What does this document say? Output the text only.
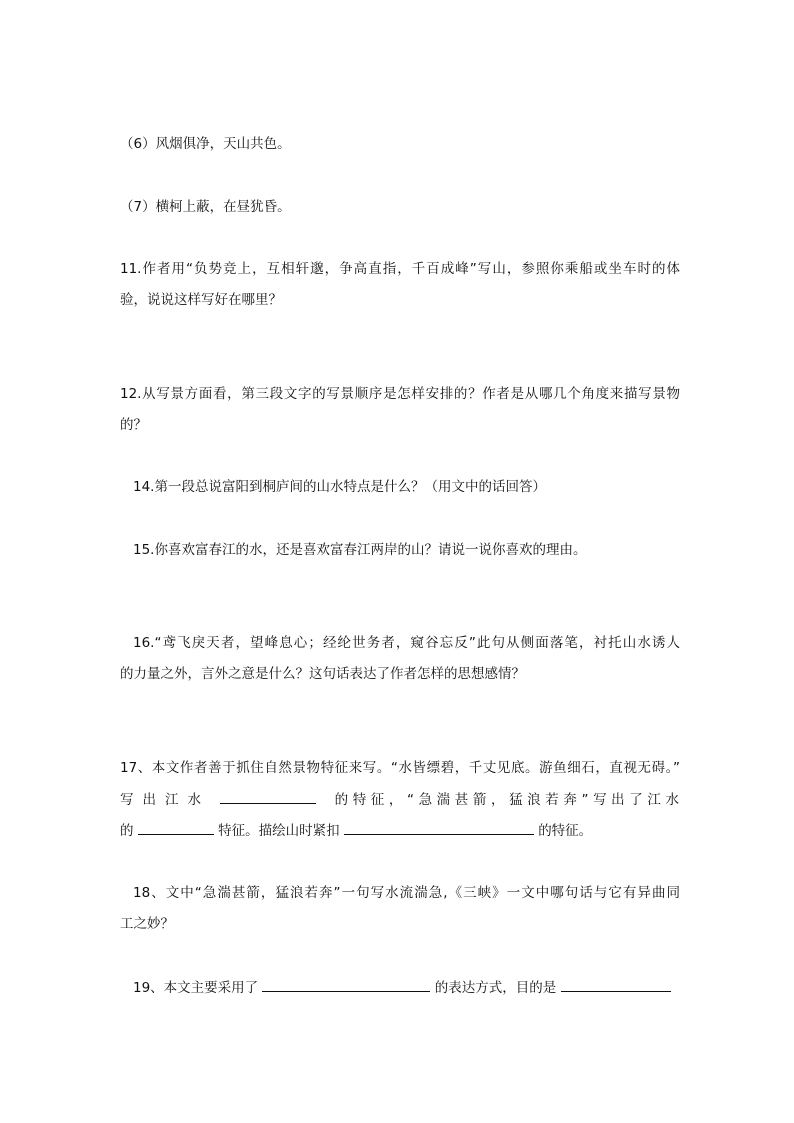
（6）风烟俱净，天山共色。
（7）横柯上蔽，在昼犹昏。
11.作者用“负势竞上，互相轩邈，争高直指，千百成峰”写山，参照你乘船或坐车时的体
验，说说这样写好在哪里？
12.从写景方面看，第三段文字的写景顺序是怎样安排的？作者是从哪几个角度来描写景物
的？
14.第一段总说富阳到桐庐间的山水特点是什么？（用文中的话回答）
15.你喜欢富春江的水，还是喜欢富春江两岸的山？请说一说你喜欢的理由。
16.“鸢飞戾天者，望峰息心；经纶世务者，窥谷忘反”此句从侧面落笔，衬托山水诱人
的力量之外，言外之意是什么？这句话表达了作者怎样的思想感情？
17、本文作者善于抓住自然景物特征来写。“水皆缥碧，千丈见底。游鱼细石，直视无碍。”
写出江水	的特征，“急湍甚箭，猛浪若奔”写出了江水
的	特征。描绘山时紧扣	的特征。
18、文中“急湍甚箭，猛浪若奔”一句写水流湍急,《三峡》一文中哪句话与它有异曲同
工之妙？
19、本文主要采用了	的表达方式，目的是
